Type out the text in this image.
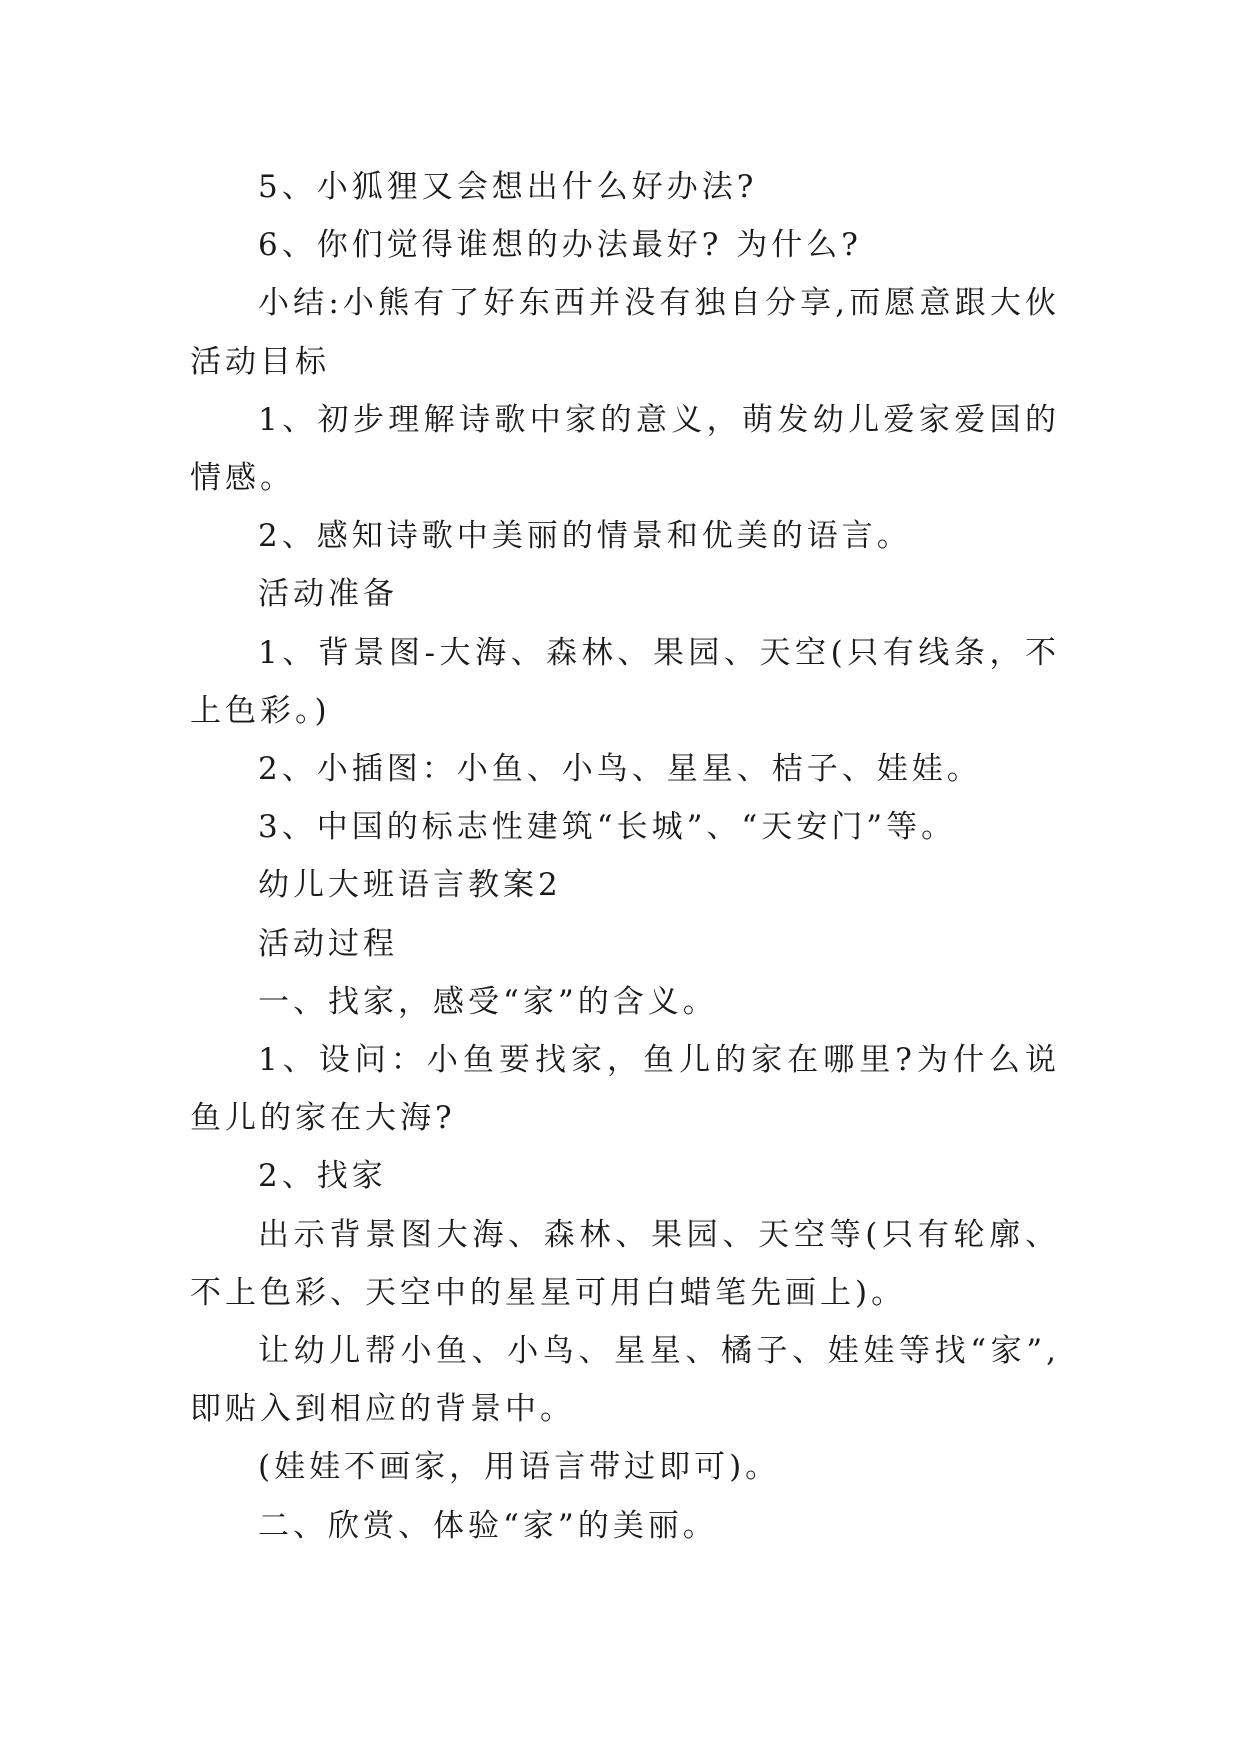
5、小狐狸又会想出什么好办法?

6、你们觉得谁想的办法最好? 为什么?

小结:小熊有了好东西并没有独自分享,而愿意跟大伙活动目标

1、初步理解诗歌中家的意义，萌发幼儿爱家爱国的情感。

2、感知诗歌中美丽的情景和优美的语言。

活动准备

1、背景图-大海、森林、果园、天空(只有线条，不上色彩。)

2、小插图：小鱼、小鸟、星星、桔子、娃娃。

3、中国的标志性建筑“长城”、“天安门”等。

幼儿大班语言教案2

活动过程

一、找家，感受“家”的含义。

1、设问：小鱼要找家，鱼儿的家在哪里?为什么说鱼儿的家在大海?

2、找家

出示背景图大海、森林、果园、天空等(只有轮廓、不上色彩、天空中的星星可用白蜡笔先画上)。

让幼儿帮小鱼、小鸟、星星、橘子、娃娃等找“家”,即贴入到相应的背景中。

(娃娃不画家，用语言带过即可)。

二、欣赏、体验“家”的美丽。
